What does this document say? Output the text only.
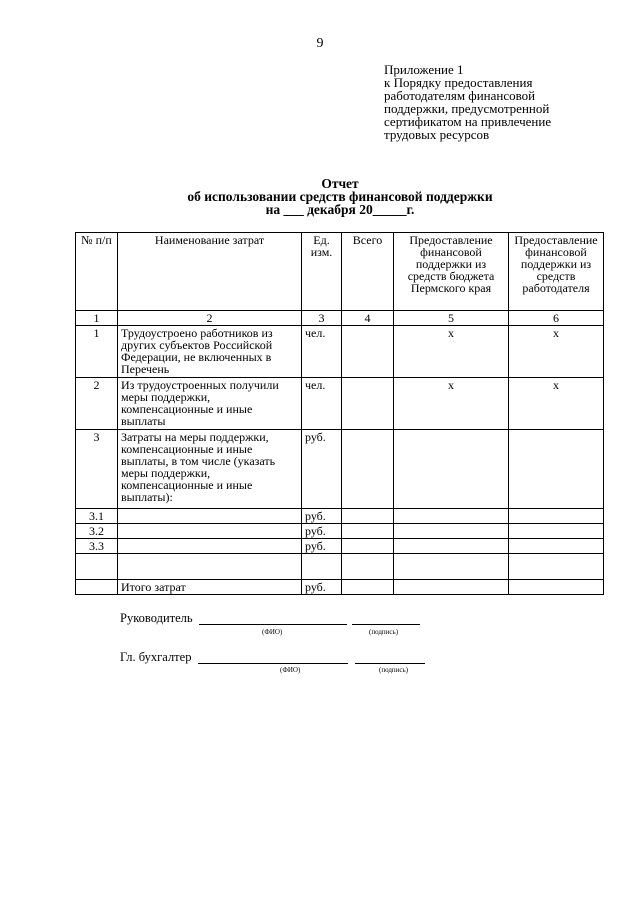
9
Приложение 1
к Порядку предоставления
работодателям финансовой
поддержки, предусмотренной
сертификатом на привлечение
трудовых ресурсов
Отчет
об использовании средств финансовой поддержки
на ___ декабря 20_____г.
№ п/п	Наименование затрат	Ед. изм.	Всего	Предоставление финансовой поддержки из средств бюджета Пермского края	Предоставление финансовой поддержки из средств работодателя
1	2	3	4	5	6
1	Трудоустроено работников из других субъектов Российской Федерации, не включенных в Перечень	чел.		х	х
2	Из трудоустроенных получили меры поддержки, компенсационные и иные выплаты	чел.		х	х
3	Затраты на меры поддержки, компенсационные и иные выплаты, в том числе (указать меры поддержки, компенсационные и иные выплаты):	руб.			
3.1		руб.			
3.2		руб.			
3.3		руб.			

	Итого затрат	руб.			
Руководитель
(ФИО)	(подпись)
Гл. бухгалтер
(ФИО)	(подпись)
